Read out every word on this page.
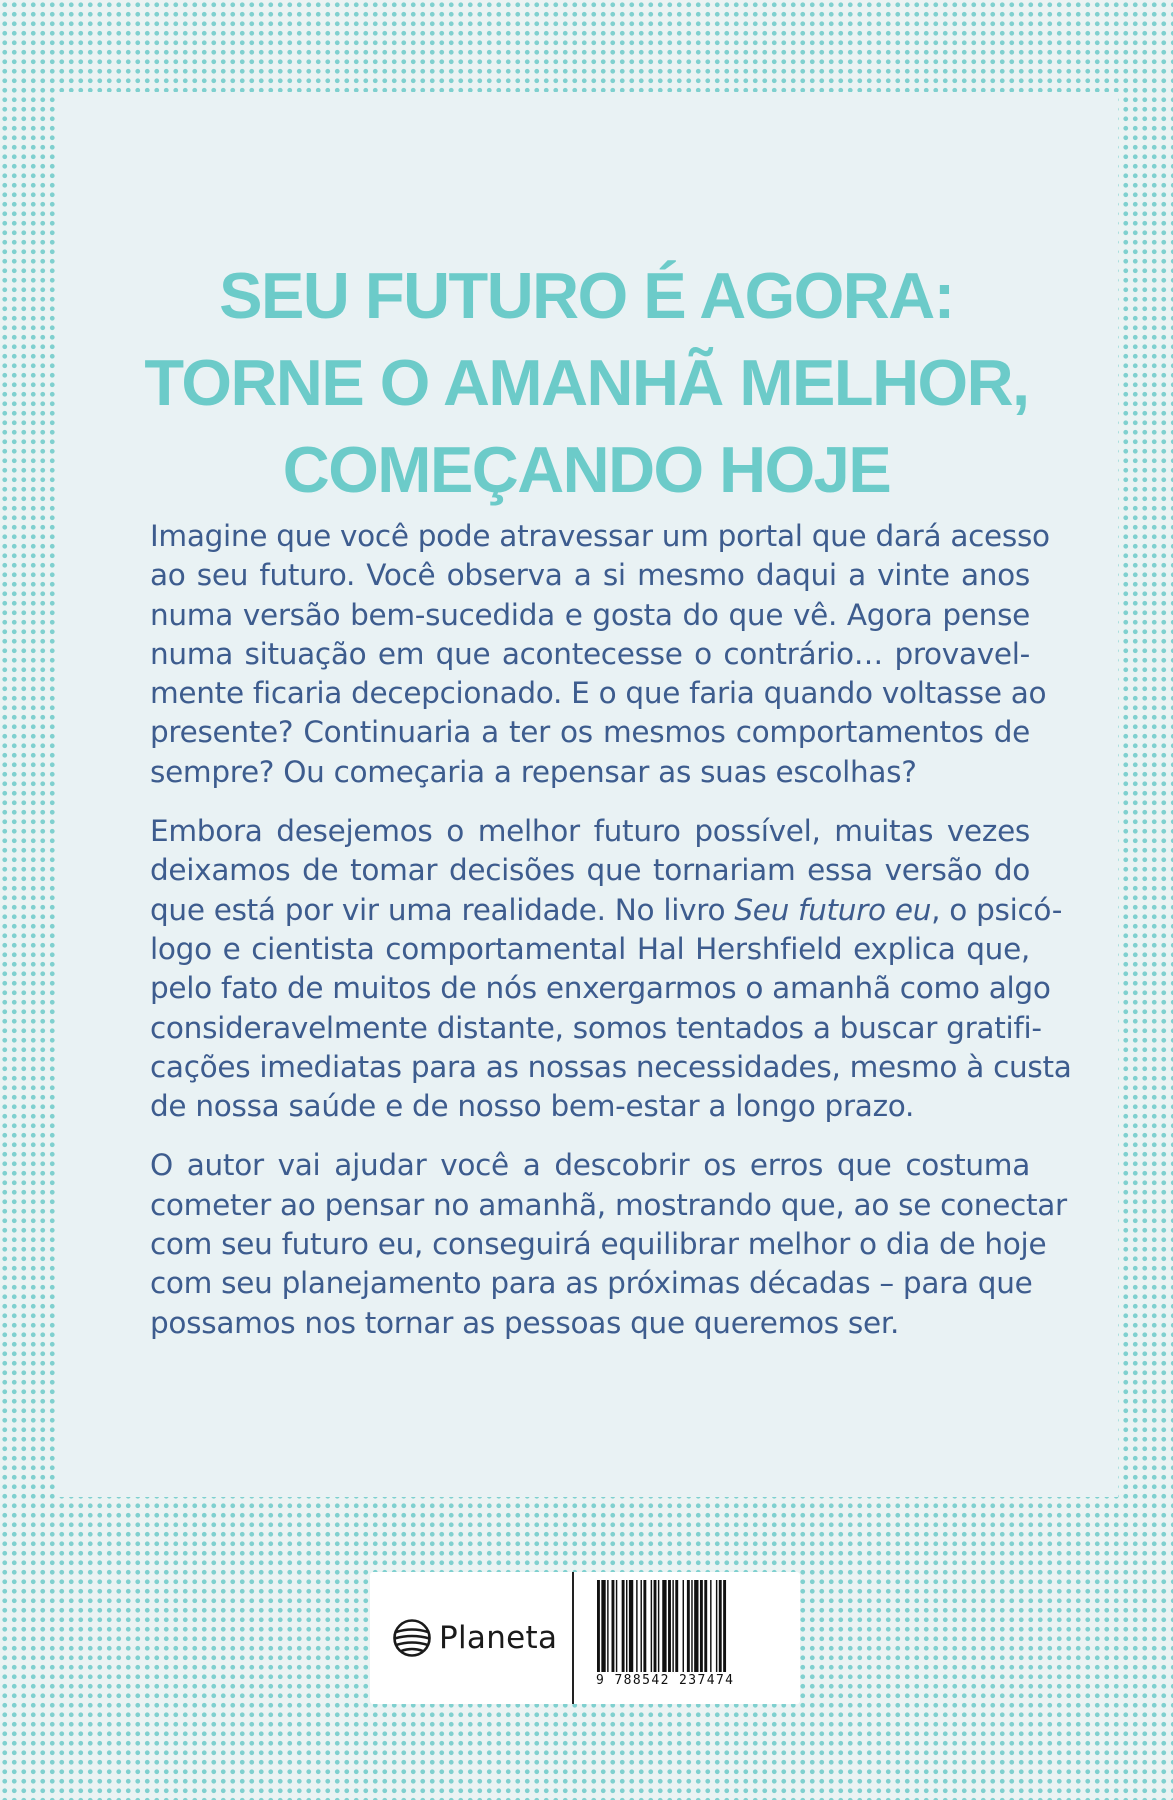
SEU FUTURO É AGORA:
TORNE O AMANHÃ MELHOR,
COMEÇANDO HOJE

Imagine que você pode atravessar um portal que dará acesso
ao seu futuro. Você observa a si mesmo daqui a vinte anos
numa versão bem-sucedida e gosta do que vê. Agora pense
numa situação em que acontecesse o contrário… provavel-
mente ficaria decepcionado. E o que faria quando voltasse ao
presente? Continuaria a ter os mesmos comportamentos de
sempre? Ou começaria a repensar as suas escolhas?

Embora desejemos o melhor futuro possível, muitas vezes
deixamos de tomar decisões que tornariam essa versão do
que está por vir uma realidade. No livro Seu futuro eu, o psicó-
logo e cientista comportamental Hal Hershfield explica que,
pelo fato de muitos de nós enxergarmos o amanhã como algo
consideravelmente distante, somos tentados a buscar gratifi-
cações imediatas para as nossas necessidades, mesmo à custa
de nossa saúde e de nosso bem-estar a longo prazo.

O autor vai ajudar você a descobrir os erros que costuma
cometer ao pensar no amanhã, mostrando que, ao se conectar
com seu futuro eu, conseguirá equilibrar melhor o dia de hoje
com seu planejamento para as próximas décadas – para que
possamos nos tornar as pessoas que queremos ser.

Planeta
9 788542 237474
